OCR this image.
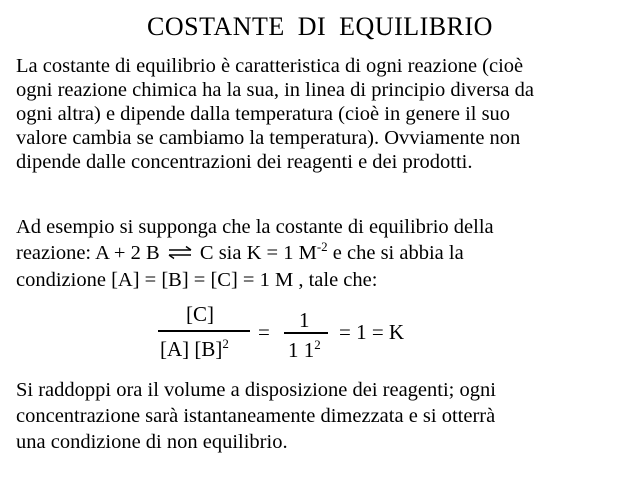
COSTANTE DI EQUILIBRIO
La costante di equilibrio è caratteristica di ogni reazione (cioè
ogni reazione chimica ha la sua, in linea di principio diversa da
ogni altra) e dipende dalla temperatura (cioè in genere il suo
valore cambia se cambiamo la temperatura). Ovviamente non
dipende dalle concentrazioni dei reagenti e dei prodotti.
Ad esempio si supponga che la costante di equilibrio della
reazione: A + 2 B ⇌ C sia K = 1 $M^{-2}$ e che si abbia la
condizione [A] = [B] = [C] = 1 M , tale che:
[C]
[A] $[B]^2 = 1$
1 $1^2$
= 1 = K
Si raddoppi ora il volume a disposizione dei reagenti; ogni
concentrazione sarà istantaneamente dimezzata e si otterrà
una condizione di non equilibrio.
